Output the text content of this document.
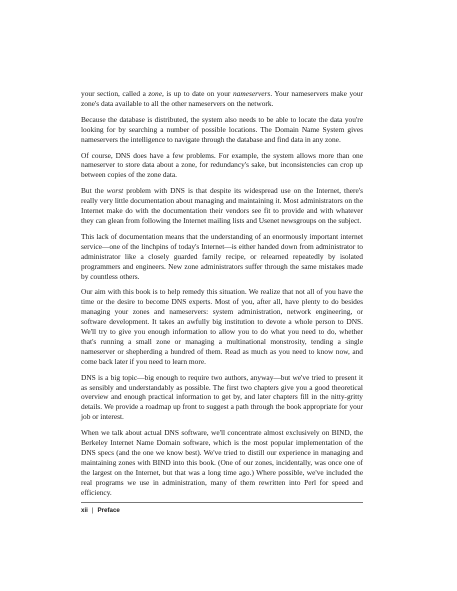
your section, called a zone, is up to date on your nameservers. Your nameservers make your zone's data available to all the other nameservers on the network.

Because the database is distributed, the system also needs to be able to locate the data you're looking for by searching a number of possible locations. The Domain Name System gives nameservers the intelligence to navigate through the database and find data in any zone.

Of course, DNS does have a few problems. For example, the system allows more than one nameserver to store data about a zone, for redundancy's sake, but inconsistencies can crop up between copies of the zone data.

But the worst problem with DNS is that despite its widespread use on the Internet, there's really very little documentation about managing and maintaining it. Most administrators on the Internet make do with the documentation their vendors see fit to provide and with whatever they can glean from following the Internet mailing lists and Usenet newsgroups on the subject.

This lack of documentation means that the understanding of an enormously important internet service—one of the linchpins of today's Internet—is either handed down from administrator to administrator like a closely guarded family recipe, or relearned repeatedly by isolated programmers and engineers. New zone administrators suffer through the same mistakes made by countless others.

Our aim with this book is to help remedy this situation. We realize that not all of you have the time or the desire to become DNS experts. Most of you, after all, have plenty to do besides managing your zones and nameservers: system administration, network engineering, or software development. It takes an awfully big institution to devote a whole person to DNS. We'll try to give you enough information to allow you to do what you need to do, whether that's running a small zone or managing a multinational monstrosity, tending a single nameserver or shepherding a hundred of them. Read as much as you need to know now, and come back later if you need to learn more.

DNS is a big topic—big enough to require two authors, anyway—but we've tried to present it as sensibly and understandably as possible. The first two chapters give you a good theoretical overview and enough practical information to get by, and later chapters fill in the nitty-gritty details. We provide a roadmap up front to suggest a path through the book appropriate for your job or interest.

When we talk about actual DNS software, we'll concentrate almost exclusively on BIND, the Berkeley Internet Name Domain software, which is the most popular implementation of the DNS specs (and the one we know best). We've tried to distill our experience in managing and maintaining zones with BIND into this book. (One of our zones, incidentally, was once one of the largest on the Internet, but that was a long time ago.) Where possible, we've included the real programs we use in administration, many of them rewritten into Perl for speed and efficiency.

xii | Preface
